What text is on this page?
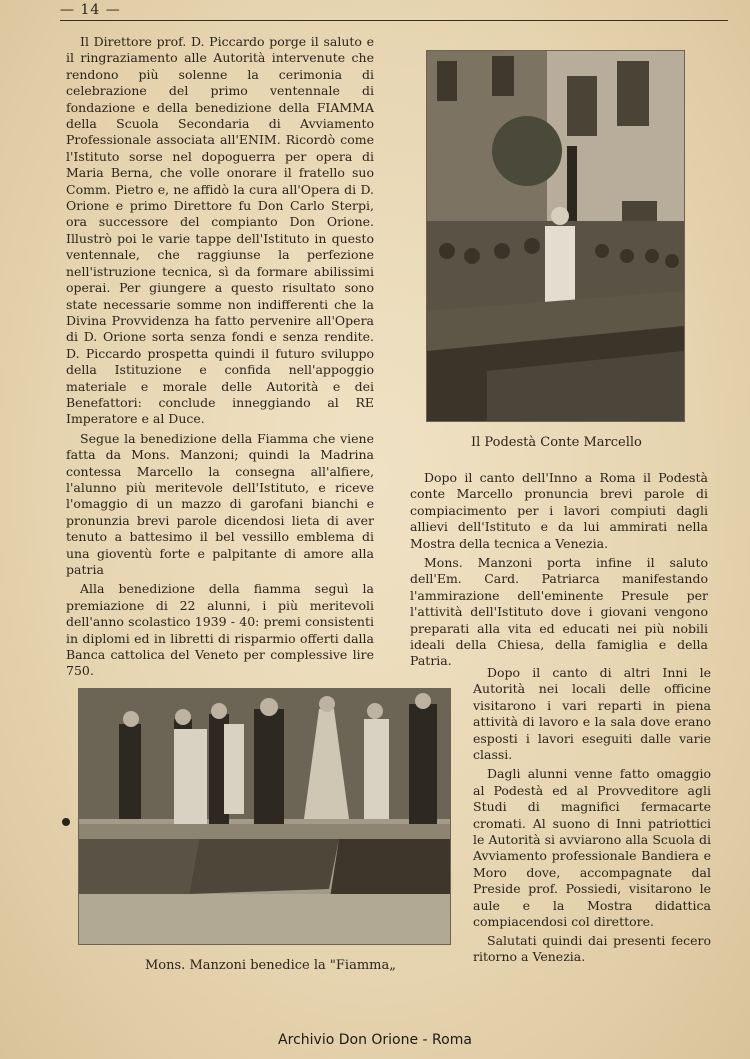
— 14 —

Il Direttore prof. D. Piccardo porge il saluto e il ringraziamento alle Autorità intervenute che rendono più solenne la cerimonia di celebrazione del primo ventennale di fondazione e della benedizione della FIAMMA della Scuola Secondaria di Avviamento Professionale associata all'ENIM. Ricordò come l'Istituto sorse nel dopoguerra per opera di Maria Berna, che volle onorare il fratello suo Comm. Pietro e, ne affidò la cura all'Opera di D. Orione e primo Direttore fu Don Carlo Sterpi, ora successore del compianto Don Orione. Illustrò poi le varie tappe dell'Istituto in questo ventennale, che raggiunse la perfezione nell'istruzione tecnica, sì da formare abilissimi operai. Per giungere a questo risultato sono state necessarie somme non indifferenti che la Divina Provvidenza ha fatto pervenire all'Opera di D. Orione sorta senza fondi e senza rendite. D. Piccardo prospetta quindi il futuro sviluppo della Istituzione e confida nell'appoggio materiale e morale delle Autorità e dei Benefattori: conclude inneggiando al RE Imperatore e al Duce.

Segue la benedizione della Fiamma che viene fatta da Mons. Manzoni; quindi la Madrina contessa Marcello la consegna all'alfiere, l'alunno più meritevole dell'Istituto, e riceve l'omaggio di un mazzo di garofani bianchi e pronunzia brevi parole dicendosi lieta di aver tenuto a battesimo il bel vessillo emblema di una gioventù forte e palpitante di amore alla patria

Alla benedizione della fiamma seguì la premiazione di 22 alunni, i più meritevoli dell'anno scolastico 1939 - 40: premi consistenti in diplomi ed in libretti di risparmio offerti dalla Banca cattolica del Veneto per complessive lire 750.

Il Podestà Conte Marcello

Dopo il canto dell'Inno a Roma il Podestà conte Marcello pronuncia brevi parole di compiacimento per i lavori compiuti dagli allievi dell'Istituto e da lui ammirati nella Mostra della tecnica a Venezia.

Mons. Manzoni porta infine il saluto dell'Em. Card. Patriarca manifestando l'ammirazione dell'eminente Presule per l'attività dell'Istituto dove i giovani vengono preparati alla vita ed educati nei più nobili ideali della Chiesa, della famiglia e della Patria.

Dopo il canto di altri Inni le Autorità nei locali delle officine visitarono i vari reparti in piena attività di lavoro e la sala dove erano esposti i lavori eseguiti dalle varie classi.

Dagli alunni venne fatto omaggio al Podestà ed al Provveditore agli Studi di magnifici fermacarte cromati. Al suono di Inni patriottici le Autorità si avviarono alla Scuola di Avviamento professionale Bandiera e Moro dove, accompagnate dal Preside prof. Possiedi, visitarono le aule e la Mostra didattica compiacendosi col direttore.

Salutati quindi dai presenti fecero ritorno a Venezia.

Mons. Manzoni benedice la "Fiamma„
Archivio Don Orione - Roma
